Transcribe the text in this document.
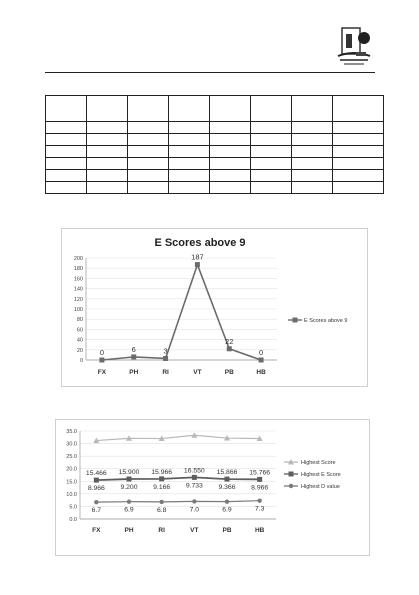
E Scores above 9
0
20
40
60
80
100
120
140
160
180
200
FX	PH	RI	VT	PB	HB
0	6	3
187
22
0
E Scores above 9
0.0
5.0
10.0
15.0
20.0
25.0
30.0
35.0
FX	PH	RI	VT	PB	HB
15.466 15.900 15.966 16.550 15.866 15.766
8.966 9.200 9.166 9.733 9.366 8.966
6.7	6.9	6.8	7.0	6.9	7.3
Highest Score
Highest E Score
Highest D value
